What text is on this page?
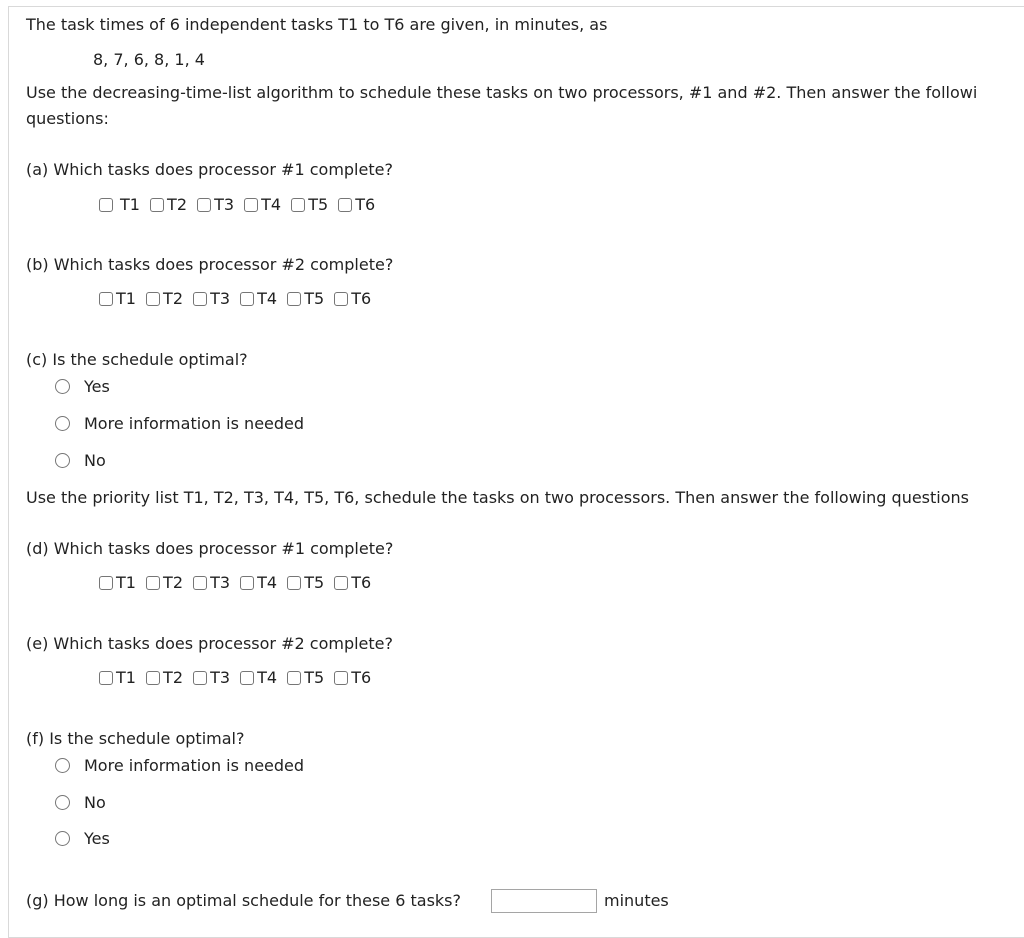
The task times of 6 independent tasks T1 to T6 are given, in minutes, as
8, 7, 6, 8, 1, 4
Use the decreasing-time-list algorithm to schedule these tasks on two processors, #1 and #2. Then answer the followi
questions:
(a) Which tasks does processor #1 complete?
T1
T2
T3
T4
T5
T6
(b) Which tasks does processor #2 complete?
T1
T2
T3
T4
T5
T6
(c) Is the schedule optimal?
Yes
More information is needed
No
Use the priority list T1, T2, T3, T4, T5, T6, schedule the tasks on two processors. Then answer the following questions
(d) Which tasks does processor #1 complete?
T1
T2
T3
T4
T5
T6
(e) Which tasks does processor #2 complete?
T1
T2
T3
T4
T5
T6
(f) Is the schedule optimal?
More information is needed
No
Yes
(g) How long is an optimal schedule for these 6 tasks?	minutes
